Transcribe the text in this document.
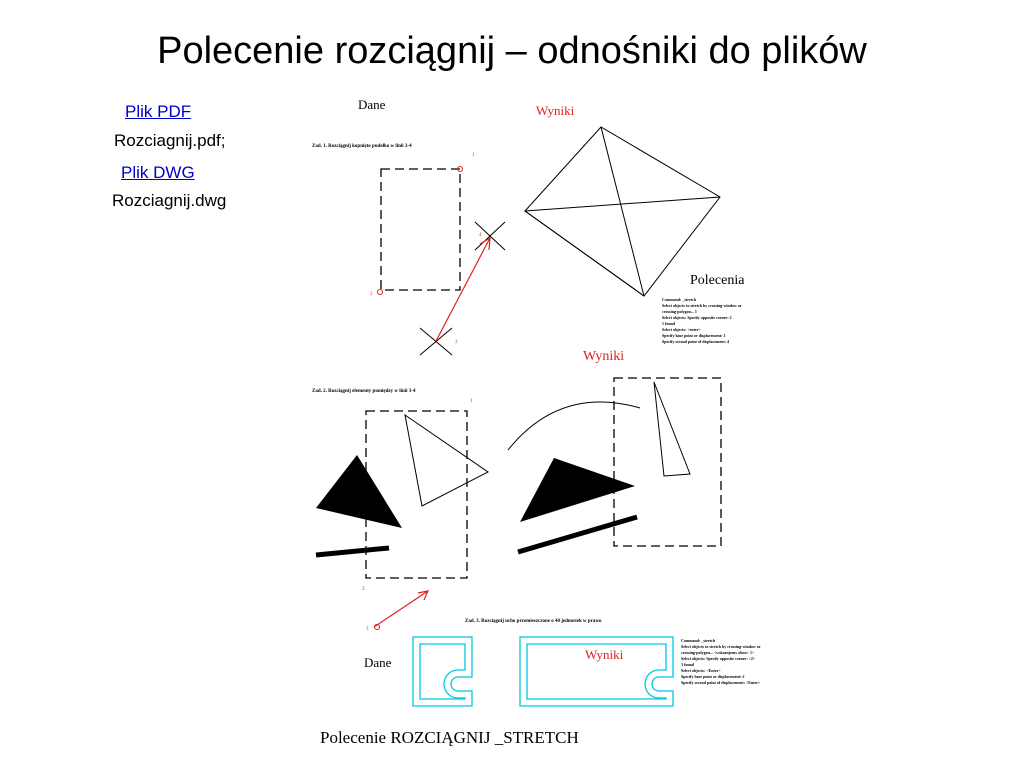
Polecenie rozciągnij – odnośniki do plików
Plik PDF
Rozciagnij.pdf;
Plik DWG
Rozciagnij.dwg
Dane	Wyniki
Zad. 1. Rozciągnij kopnięto pudełko w linii 3-4
1
2
3
4
Polecenia
Command: _stretch
Select objects to stretch by crossing-window or
crossing-polygon... 1
Select objects: Specify opposite corner: 2
1 found
Select objects: <enter>
Specify base point or displacement: 3
Specify second point of displacement: 4
Wyniki
Zad. 2. Rozciągnij elementy pomiędzy w linii 3-4
1
2
3
Zad. 3. Rozciągnij ucho przemieszczone o 40 jednostek w prawo
Dane
Wyniki
Command: _stretch
Select objects to stretch by crossing-window or
crossing-polygon... <wskazujemy okno> 1>
Select objects: Specify opposite corner: <2>
3 found
Select objects: <Enter>
Specify base point or displacement: #
Specify second point of displacement: <Enter>
Polecenie ROZCIĄGNIJ _STRETCH
